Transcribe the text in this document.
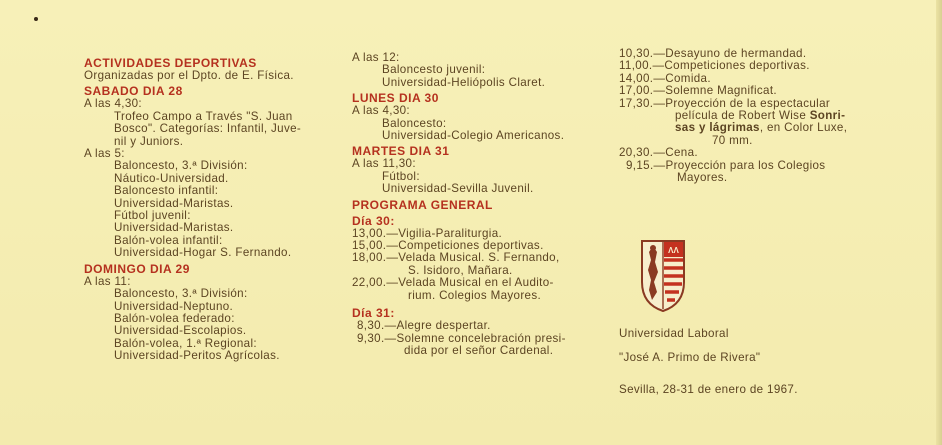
ACTIVIDADES DEPORTIVAS
Organizadas por el Dpto. de E. Física.
SABADO DIA 28
A las 4,30:
Trofeo Campo a Través "S. Juan
Bosco". Categorías: Infantil, Juve-
nil y Juniors.
A las 5:
Baloncesto, 3.ª División:
Náutico-Universidad.
Baloncesto infantil:
Universidad-Maristas.
Fútbol juvenil:
Universidad-Maristas.
Balón-volea infantil:
Universidad-Hogar S. Fernando.
DOMINGO DIA 29
A las 11:
Baloncesto, 3.ª División:
Universidad-Neptuno.
Balón-volea federado:
Universidad-Escolapios.
Balón-volea, 1.ª Regional:
Universidad-Peritos Agrícolas.
A las 12:
Baloncesto juvenil:
Universidad-Heliópolis Claret.
LUNES DIA 30
A las 4,30:
Baloncesto:
Universidad-Colegio Americanos.
MARTES DIA 31
A las 11,30:
Fútbol:
Universidad-Sevilla Juvenil.
PROGRAMA GENERAL
Día 30:
13,00.—Vigilia-Paraliturgia.
15,00.—Competiciones deportivas.
18,00.—Velada Musical. S. Fernando,
S. Isidoro, Mañara.
22,00.—Velada Musical en el Audito-
rium. Colegios Mayores.
Día 31:
8,30.—Alegre despertar.
9,30.—Solemne concelebración presi-
dida por el señor Cardenal.
10,30.—Desayuno de hermandad.
11,00.—Competiciones deportivas.
14,00.—Comida.
17,00.—Solemne Magnificat.
17,30.—Proyección de la espectacular
película de Robert Wise Sonri-
sas y lágrimas, en Color Luxe,
70 mm.
20,30.—Cena.
9,15.—Proyección para los Colegios
Mayores.
ΛΛ
Universidad Laboral
"José A. Primo de Rivera"
Sevilla, 28-31 de enero de 1967.
